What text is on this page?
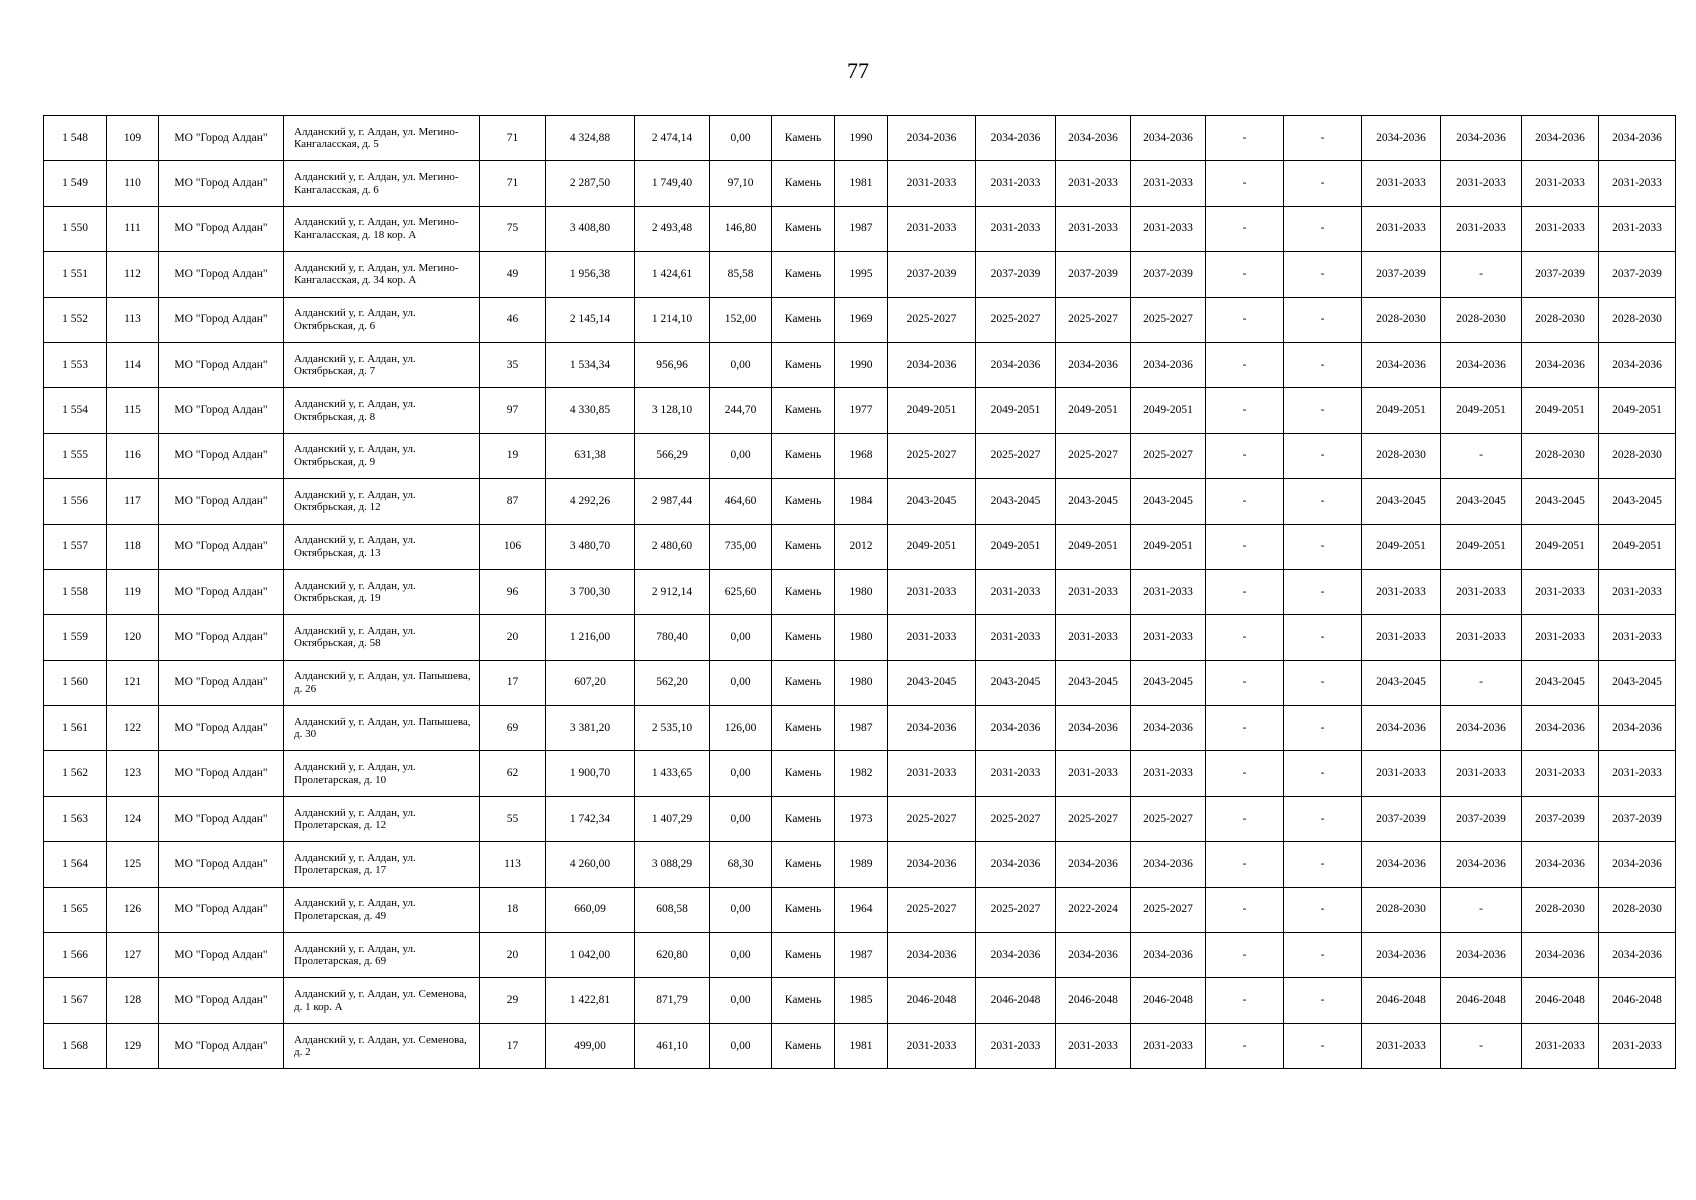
77
1 548	109	МО "Город Алдан"	Алданский у, г. Алдан, ул. Мегино-Кангаласская, д. 5	71	4 324,88	2 474,14	0,00	Камень	1990	2034-2036	2034-2036	2034-2036	2034-2036	-	-	2034-2036	2034-2036	2034-2036	2034-2036
1 549	110	МО "Город Алдан"	Алданский у, г. Алдан, ул. Мегино-Кангаласская, д. 6	71	2 287,50	1 749,40	97,10	Камень	1981	2031-2033	2031-2033	2031-2033	2031-2033	-	-	2031-2033	2031-2033	2031-2033	2031-2033
1 550	111	МО "Город Алдан"	Алданский у, г. Алдан, ул. Мегино-Кангаласская, д. 18 кор. А	75	3 408,80	2 493,48	146,80	Камень	1987	2031-2033	2031-2033	2031-2033	2031-2033	-	-	2031-2033	2031-2033	2031-2033	2031-2033
1 551	112	МО "Город Алдан"	Алданский у, г. Алдан, ул. Мегино-Кангаласская, д. 34 кор. А	49	1 956,38	1 424,61	85,58	Камень	1995	2037-2039	2037-2039	2037-2039	2037-2039	-	-	2037-2039	-	2037-2039	2037-2039
1 552	113	МО "Город Алдан"	Алданский у, г. Алдан, ул. Октябрьская, д. 6	46	2 145,14	1 214,10	152,00	Камень	1969	2025-2027	2025-2027	2025-2027	2025-2027	-	-	2028-2030	2028-2030	2028-2030	2028-2030
1 553	114	МО "Город Алдан"	Алданский у, г. Алдан, ул. Октябрьская, д. 7	35	1 534,34	956,96	0,00	Камень	1990	2034-2036	2034-2036	2034-2036	2034-2036	-	-	2034-2036	2034-2036	2034-2036	2034-2036
1 554	115	МО "Город Алдан"	Алданский у, г. Алдан, ул. Октябрьская, д. 8	97	4 330,85	3 128,10	244,70	Камень	1977	2049-2051	2049-2051	2049-2051	2049-2051	-	-	2049-2051	2049-2051	2049-2051	2049-2051
1 555	116	МО "Город Алдан"	Алданский у, г. Алдан, ул. Октябрьская, д. 9	19	631,38	566,29	0,00	Камень	1968	2025-2027	2025-2027	2025-2027	2025-2027	-	-	2028-2030	-	2028-2030	2028-2030
1 556	117	МО "Город Алдан"	Алданский у, г. Алдан, ул. Октябрьская, д. 12	87	4 292,26	2 987,44	464,60	Камень	1984	2043-2045	2043-2045	2043-2045	2043-2045	-	-	2043-2045	2043-2045	2043-2045	2043-2045
1 557	118	МО "Город Алдан"	Алданский у, г. Алдан, ул. Октябрьская, д. 13	106	3 480,70	2 480,60	735,00	Камень	2012	2049-2051	2049-2051	2049-2051	2049-2051	-	-	2049-2051	2049-2051	2049-2051	2049-2051
1 558	119	МО "Город Алдан"	Алданский у, г. Алдан, ул. Октябрьская, д. 19	96	3 700,30	2 912,14	625,60	Камень	1980	2031-2033	2031-2033	2031-2033	2031-2033	-	-	2031-2033	2031-2033	2031-2033	2031-2033
1 559	120	МО "Город Алдан"	Алданский у, г. Алдан, ул. Октябрьская, д. 58	20	1 216,00	780,40	0,00	Камень	1980	2031-2033	2031-2033	2031-2033	2031-2033	-	-	2031-2033	2031-2033	2031-2033	2031-2033
1 560	121	МО "Город Алдан"	Алданский у, г. Алдан, ул. Папышева, д. 26	17	607,20	562,20	0,00	Камень	1980	2043-2045	2043-2045	2043-2045	2043-2045	-	-	2043-2045	-	2043-2045	2043-2045
1 561	122	МО "Город Алдан"	Алданский у, г. Алдан, ул. Папышева, д. 30	69	3 381,20	2 535,10	126,00	Камень	1987	2034-2036	2034-2036	2034-2036	2034-2036	-	-	2034-2036	2034-2036	2034-2036	2034-2036
1 562	123	МО "Город Алдан"	Алданский у, г. Алдан, ул. Пролетарская, д. 10	62	1 900,70	1 433,65	0,00	Камень	1982	2031-2033	2031-2033	2031-2033	2031-2033	-	-	2031-2033	2031-2033	2031-2033	2031-2033
1 563	124	МО "Город Алдан"	Алданский у, г. Алдан, ул. Пролетарская, д. 12	55	1 742,34	1 407,29	0,00	Камень	1973	2025-2027	2025-2027	2025-2027	2025-2027	-	-	2037-2039	2037-2039	2037-2039	2037-2039
1 564	125	МО "Город Алдан"	Алданский у, г. Алдан, ул. Пролетарская, д. 17	113	4 260,00	3 088,29	68,30	Камень	1989	2034-2036	2034-2036	2034-2036	2034-2036	-	-	2034-2036	2034-2036	2034-2036	2034-2036
1 565	126	МО "Город Алдан"	Алданский у, г. Алдан, ул. Пролетарская, д. 49	18	660,09	608,58	0,00	Камень	1964	2025-2027	2025-2027	2022-2024	2025-2027	-	-	2028-2030	-	2028-2030	2028-2030
1 566	127	МО "Город Алдан"	Алданский у, г. Алдан, ул. Пролетарская, д. 69	20	1 042,00	620,80	0,00	Камень	1987	2034-2036	2034-2036	2034-2036	2034-2036	-	-	2034-2036	2034-2036	2034-2036	2034-2036
1 567	128	МО "Город Алдан"	Алданский у, г. Алдан, ул. Семенова, д. 1 кор. А	29	1 422,81	871,79	0,00	Камень	1985	2046-2048	2046-2048	2046-2048	2046-2048	-	-	2046-2048	2046-2048	2046-2048	2046-2048
1 568	129	МО "Город Алдан"	Алданский у, г. Алдан, ул. Семенова, д. 2	17	499,00	461,10	0,00	Камень	1981	2031-2033	2031-2033	2031-2033	2031-2033	-	-	2031-2033	-	2031-2033	2031-2033
